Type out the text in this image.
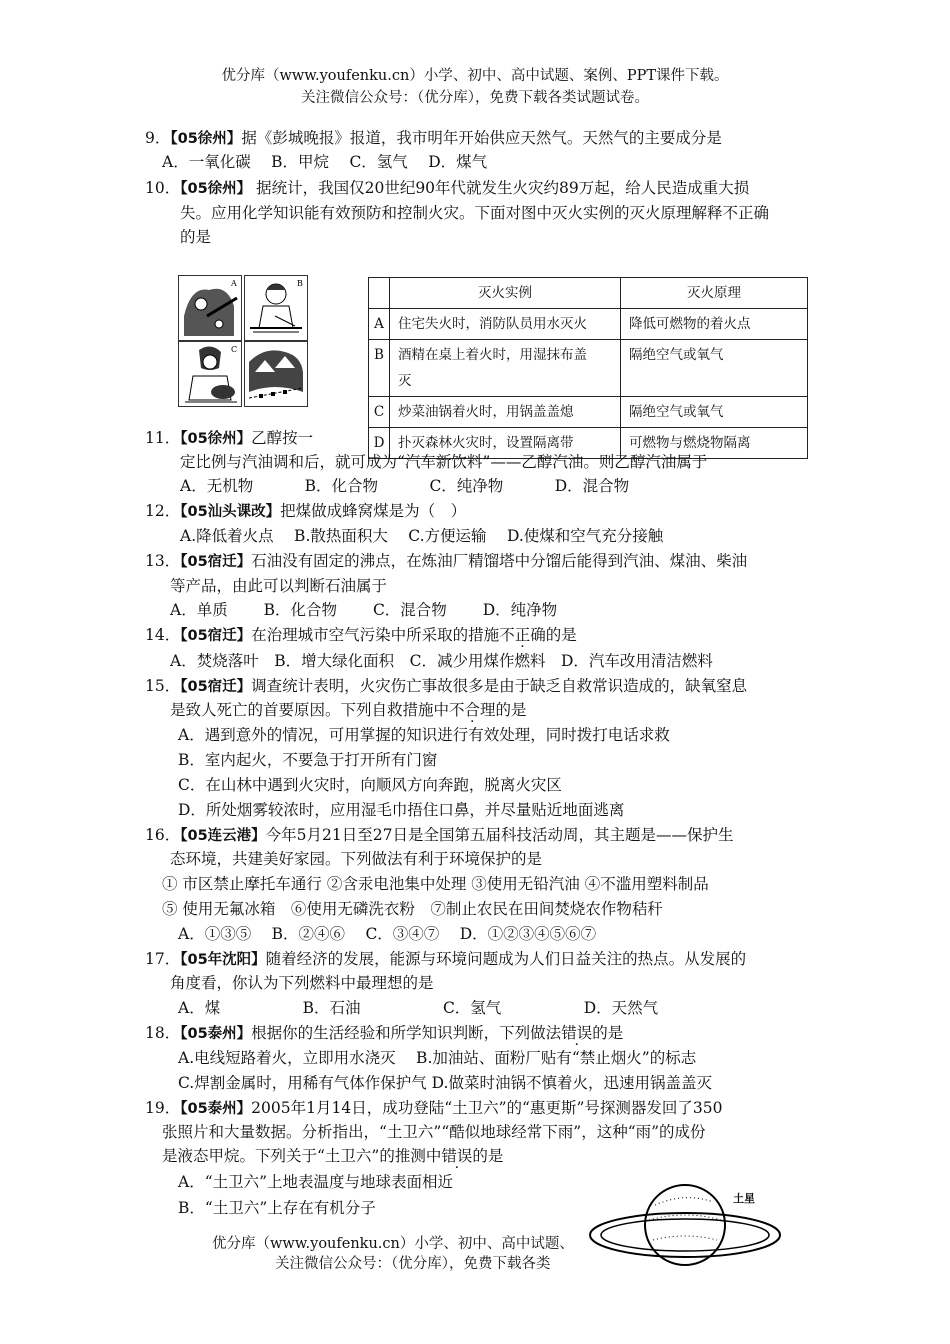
优分库（www.youfenku.cn）小学、初中、高中试题、案例、PPT课件下载。
关注微信公众号：（优分库），免费下载各类试题试卷。
9．【05徐州】据《彭城晚报》报道，我市明年开始供应天然气。天然气的主要成分是
A．一氧化碳　 B．甲烷　 C．氢气　 D．煤气
10．【05徐州】 据统计，我国仅20世纪90年代就发生火灾约89万起，给人民造成重大损
失。应用化学知识能有效预防和控制火灾。下面对图中灭火实例的灭火原理解释不正确
的是
A	B
C	D
	灭火实例	灭火原理
A	住宅失火时，消防队员用水灭火	降低可燃物的着火点
B	酒精在桌上着火时，用湿抹布盖
灭	隔绝空气或氧气
C	炒菜油锅着火时，用锅盖盖熄	隔绝空气或氧气
D	扑灭森林火灾时，设置隔离带	可燃物与燃烧物隔离
11．【05徐州】乙醇按一
定比例与汽油调和后，就可成为“汽车新饮料”——乙醇汽油。则乙醇汽油属于
A．无机物　　　 B．化合物　　　 C．纯净物　　　 D．混合物
12．【05汕头课改】把煤做成蜂窝煤是为（　）
A.降低着火点　 B.散热面积大　 C.方便运输　 D.使煤和空气充分接触
13．【05宿迁】石油没有固定的沸点，在炼油厂精馏塔中分馏后能得到汽油、煤油、柴油
等产品，由此可以判断石油属于
A．单质　　 B．化合物　　 C．混合物　　 D．纯净物
14．【05宿迁】在治理城市空气污染中所采取的措施不正确的是
A．焚烧落叶　B．增大绿化面积　C．减少用煤作燃料　D．汽车改用清洁燃料
15．【05宿迁】调查统计表明，火灾伤亡事故很多是由于缺乏自救常识造成的，缺氧窒息
是致人死亡的首要原因。下列自救措施中不合理的是
A．遇到意外的情况，可用掌握的知识进行有效处理，同时拨打电话求救
B．室内起火，不要急于打开所有门窗
C．在山林中遇到火灾时，向顺风方向奔跑，脱离火灾区
D．所处烟雾较浓时，应用湿毛巾捂住口鼻，并尽量贴近地面逃离
16．【05连云港】今年5月21日至27日是全国第五届科技活动周，其主题是——保护生
态环境，共建美好家园。下列做法有利于环境保护的是
① 市区禁止摩托车通行 ②含汞电池集中处理 ③使用无铅汽油 ④不滥用塑料制品
⑤ 使用无氟冰箱　⑥使用无磷洗衣粉　⑦制止农民在田间焚烧农作物秸秆
A．①③⑤　 B．②④⑥　 C．③④⑦　 D．①②③④⑤⑥⑦
17．【05年沈阳】随着经济的发展，能源与环境问题成为人们日益关注的热点。从发展的
角度看，你认为下列燃料中最理想的是
A．煤　　　　　 B．石油　　　　　 C．氢气　　　　　 D．天然气
18．【05泰州】根据你的生活经验和所学知识判断，下列做法错误的是
A.电线短路着火，立即用水浇灭　 B.加油站、面粉厂贴有“禁止烟火”的标志
C.焊割金属时，用稀有气体作保护气 D.做菜时油锅不慎着火，迅速用锅盖盖灭
19．【05泰州】2005年1月14日，成功登陆“土卫六”的“惠更斯”号探测器发回了350
张照片和大量数据。分析指出，“土卫六”“酷似地球经常下雨”，这种“雨”的成份
是液态甲烷。下列关于“土卫六”的推测中错误的是
A．“土卫六”上地表温度与地球表面相近
B．“土卫六”上存在有机分子
土星
优分库（www.youfenku.cn）小学、初中、高中试题、
关注微信公众号：（优分库），免费下载各类
